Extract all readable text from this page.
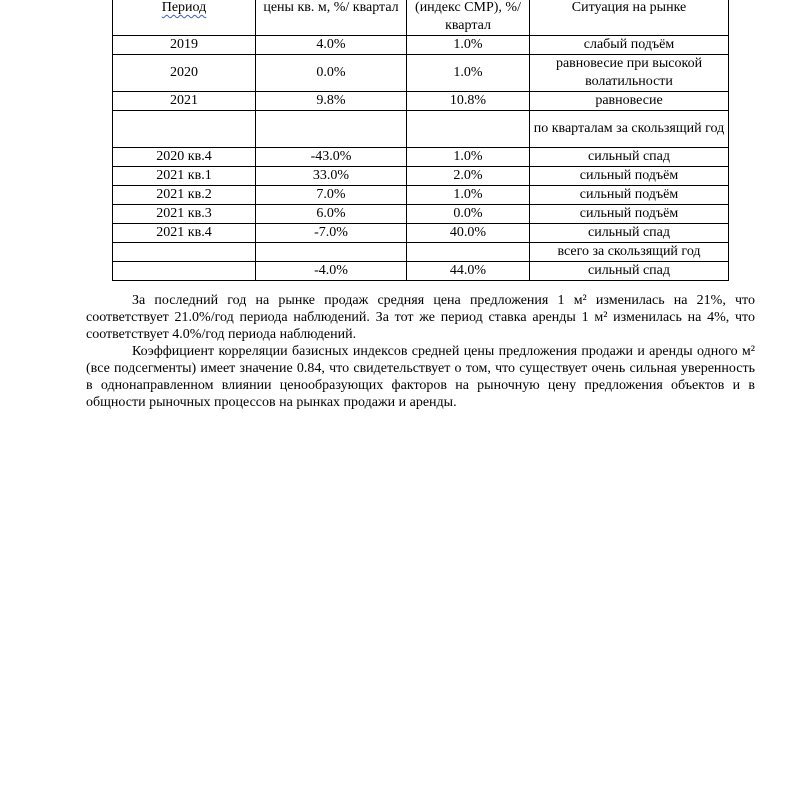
Период	цены кв. м, %/ квартал	(индекс СМР), %/квартал	Ситуация на рынке
2019	4.0%	1.0%	слабый подъём
2020	0.0%	1.0%	равновесие при высокой волатильности
2021	9.8%	10.8%	равновесие
			по кварталам за скользящий год
2020 кв.4	-43.0%	1.0%	сильный спад
2021 кв.1	33.0%	2.0%	сильный подъём
2021 кв.2	7.0%	1.0%	сильный подъём
2021 кв.3	6.0%	0.0%	сильный подъём
2021 кв.4	-7.0%	40.0%	сильный спад
			всего за скользящий год
	-4.0%	44.0%	сильный спад

За последний год на рынке продаж средняя цена предложения 1 м² изменилась на 21%, что соответствует 21.0%/год периода наблюдений. За тот же период ставка аренды 1 м² изменилась на 4%, что соответствует 4.0%/год периода наблюдений.

Коэффициент корреляции базисных индексов средней цены предложения продажи и аренды одного м² (все подсегменты) имеет значение 0.84, что свидетельствует о том, что существует очень сильная уверенность в однонаправленном влиянии ценообразующих факторов на рыночную цену предложения объектов и в общности рыночных процессов на рынках продажи и аренды.
